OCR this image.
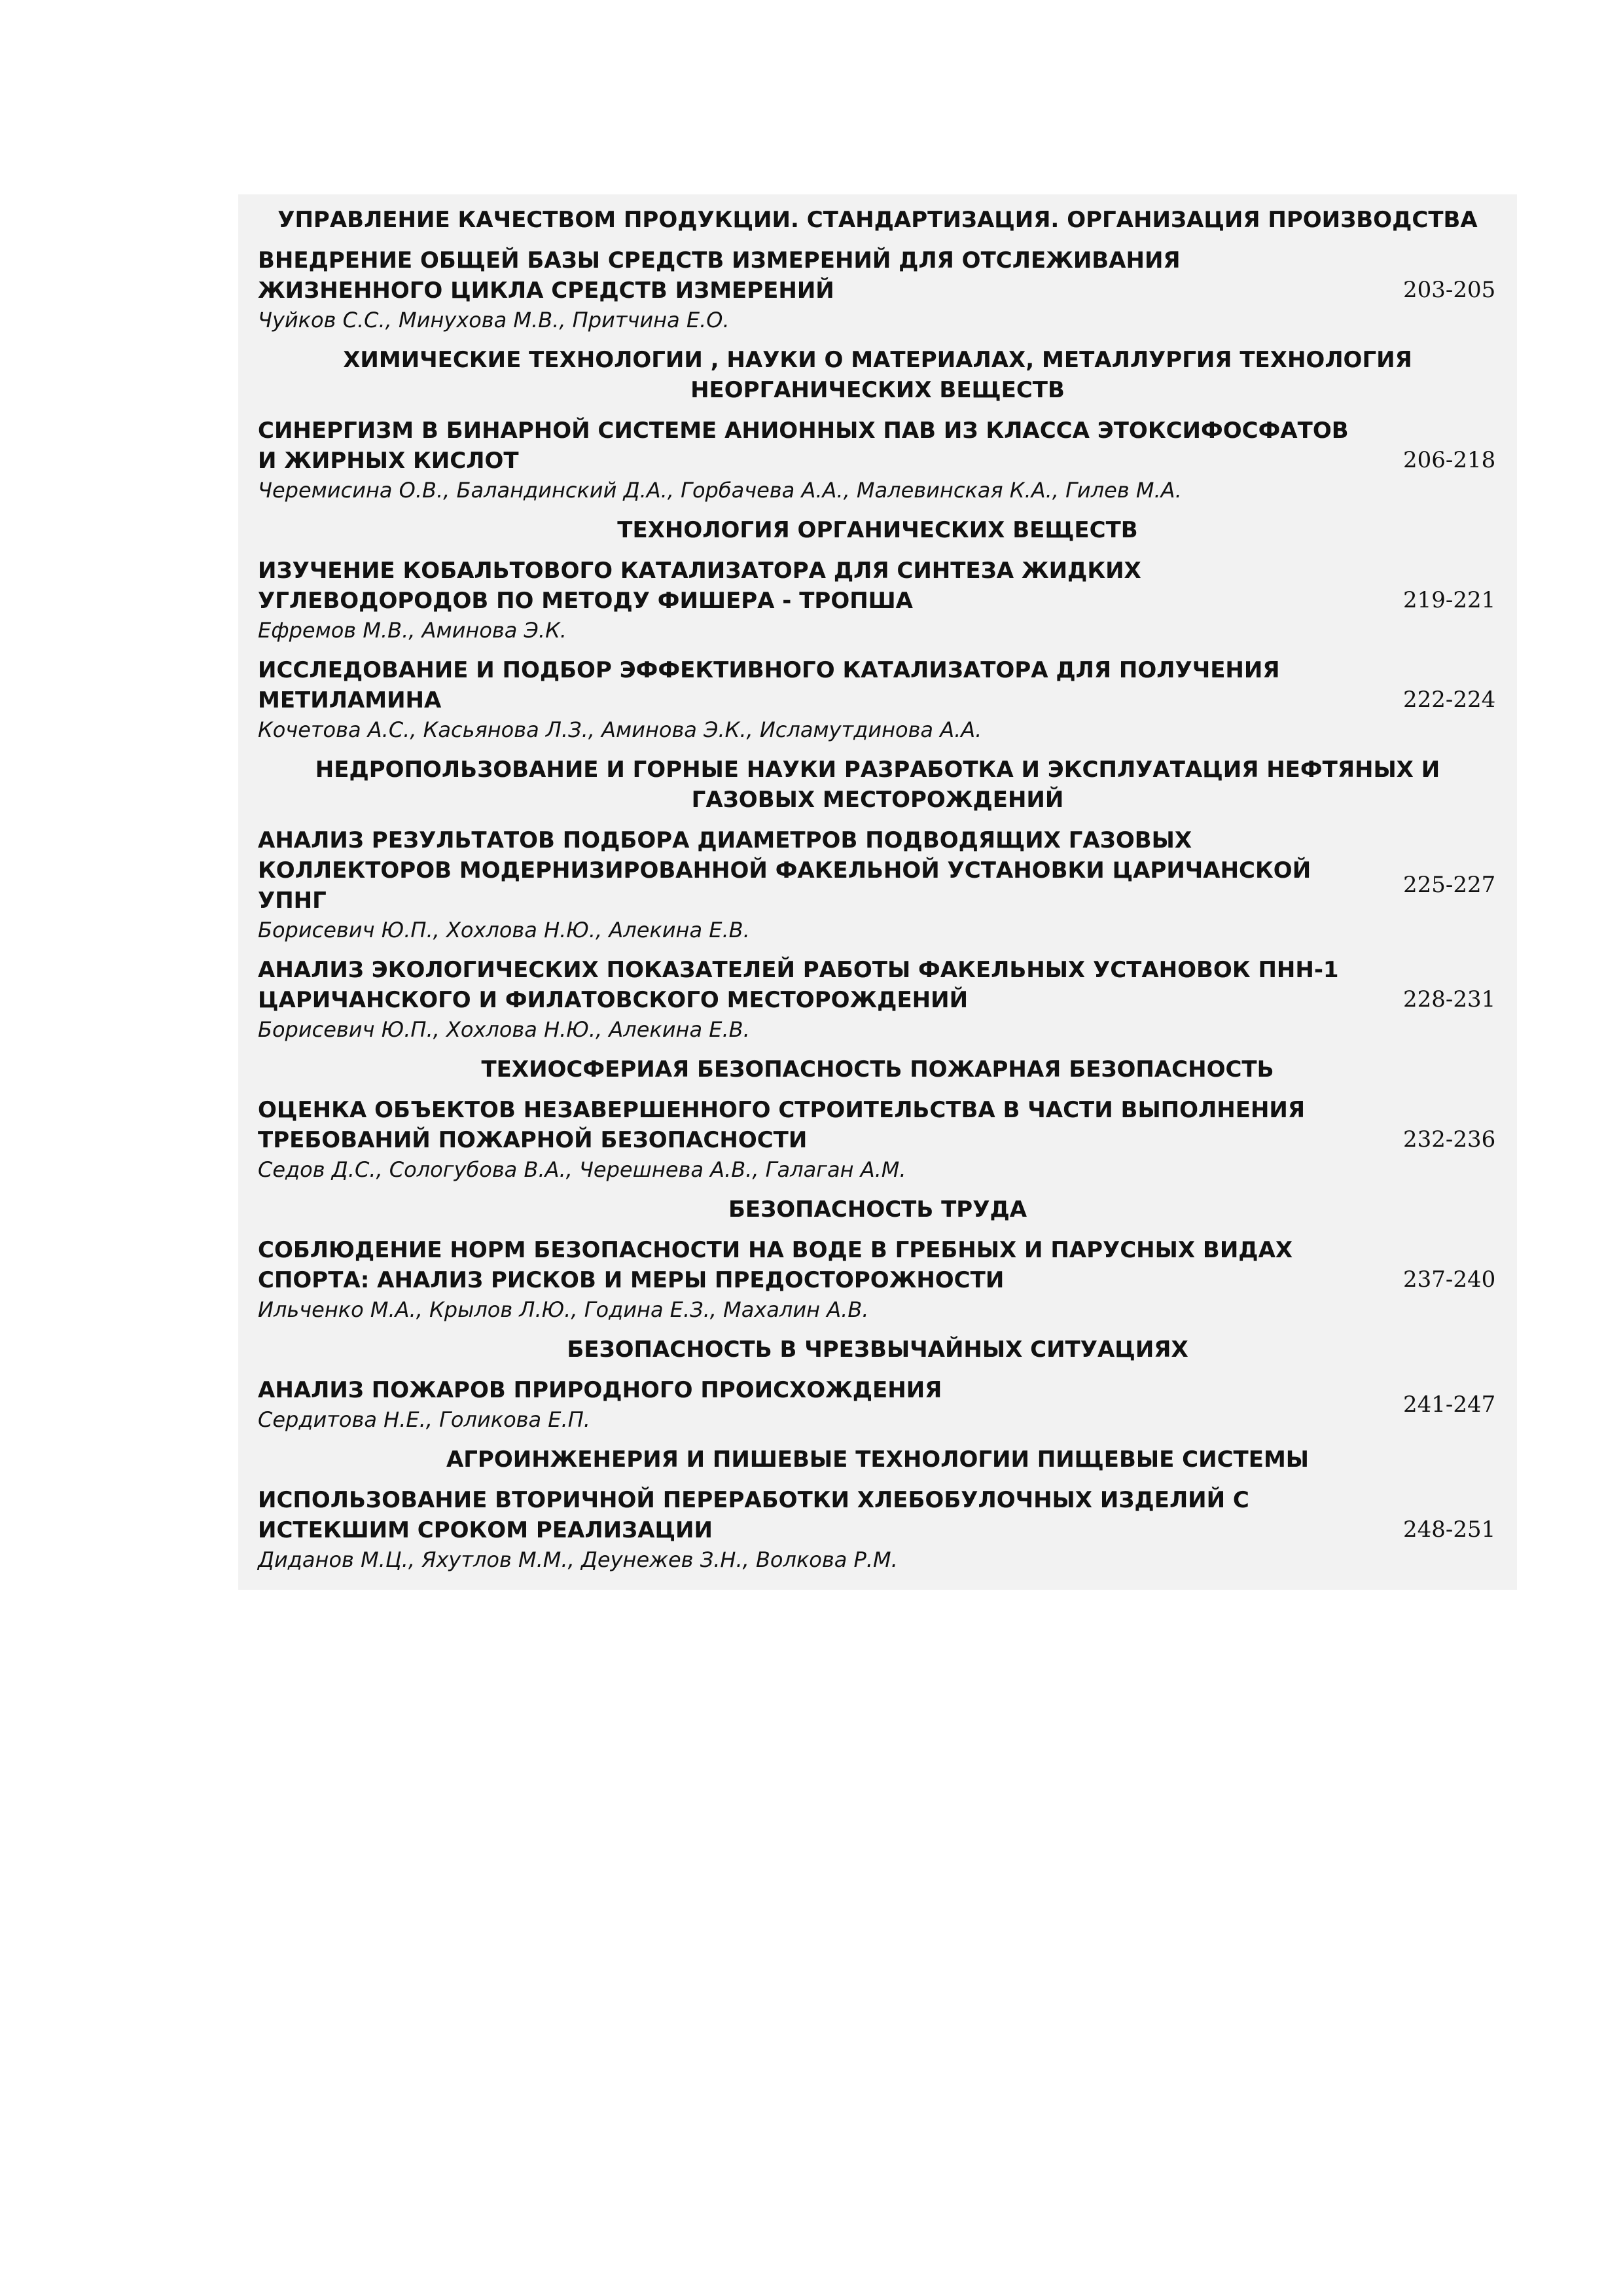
УПРАВЛЕНИЕ КАЧЕСТВОМ ПРОДУКЦИИ. СТАНДАРТИЗАЦИЯ. ОРГАНИЗАЦИЯ ПРОИЗВОДСТВА
ВНЕДРЕНИЕ ОБЩЕЙ БАЗЫ СРЕДСТВ ИЗМЕРЕНИЙ ДЛЯ ОТСЛЕЖИВАНИЯ ЖИЗНЕННОГО ЦИКЛА СРЕДСТВ ИЗМЕРЕНИЙ
Чуйков С.С., Минухова М.В., Притчина Е.О.
203-205
ХИМИЧЕСКИЕ ТЕХНОЛОГИИ , НАУКИ О МАТЕРИАЛАХ, МЕТАЛЛУРГИЯ ТЕХНОЛОГИЯ НЕОРГАНИЧЕСКИХ ВЕЩЕСТВ
СИНЕРГИЗМ В БИНАРНОЙ СИСТЕМЕ АНИОННЫХ ПАВ ИЗ КЛАССА ЭТОКСИФОСФАТОВ И ЖИРНЫХ КИСЛОТ
Черемисина О.В., Баландинский Д.А., Горбачева А.А., Малевинская К.А., Гилев М.А.
206-218
ТЕХНОЛОГИЯ ОРГАНИЧЕСКИХ ВЕЩЕСТВ
ИЗУЧЕНИЕ КОБАЛЬТОВОГО КАТАЛИЗАТОРА ДЛЯ СИНТЕЗА ЖИДКИХ УГЛЕВОДОРОДОВ ПО МЕТОДУ ФИШЕРА - ТРОПША
Ефремов М.В., Аминова Э.К.
219-221
ИССЛЕДОВАНИЕ И ПОДБОР ЭФФЕКТИВНОГО КАТАЛИЗАТОРА ДЛЯ ПОЛУЧЕНИЯ МЕТИЛАМИНА
Кочетова А.С., Касьянова Л.З., Аминова Э.К., Исламутдинова А.А.
222-224
НЕДРОПОЛЬЗОВАНИЕ И ГОРНЫЕ НАУКИ РАЗРАБОТКА И ЭКСПЛУАТАЦИЯ НЕФТЯНЫХ И ГАЗОВЫХ МЕСТОРОЖДЕНИЙ
АНАЛИЗ РЕЗУЛЬТАТОВ ПОДБОРА ДИАМЕТРОВ ПОДВОДЯЩИХ ГАЗОВЫХ КОЛЛЕКТОРОВ МОДЕРНИЗИРОВАННОЙ ФАКЕЛЬНОЙ УСТАНОВКИ ЦАРИЧАНСКОЙ УПНГ
Борисевич Ю.П., Хохлова Н.Ю., Алекина Е.В.
225-227
АНАЛИЗ ЭКОЛОГИЧЕСКИХ ПОКАЗАТЕЛЕЙ РАБОТЫ ФАКЕЛЬНЫХ УСТАНОВОК ПНН-1 ЦАРИЧАНСКОГО И ФИЛАТОВСКОГО МЕСТОРОЖДЕНИЙ
Борисевич Ю.П., Хохлова Н.Ю., Алекина Е.В.
228-231
ТЕХИОСФЕРИАЯ БЕЗОПАСНОСТЬ ПОЖАРНАЯ БЕЗОПАСНОСТЬ
ОЦЕНКА ОБЪЕКТОВ НЕЗАВЕРШЕННОГО СТРОИТЕЛЬСТВА В ЧАСТИ ВЫПОЛНЕНИЯ ТРЕБОВАНИЙ ПОЖАРНОЙ БЕЗОПАСНОСТИ
Седов Д.С., Сологубова В.А., Черешнева А.В., Галаган А.М.
232-236
БЕЗОПАСНОСТЬ ТРУДА
СОБЛЮДЕНИЕ НОРМ БЕЗОПАСНОСТИ НА ВОДЕ В ГРЕБНЫХ И ПАРУСНЫХ ВИДАХ СПОРТА: АНАЛИЗ РИСКОВ И МЕРЫ ПРЕДОСТОРОЖНОСТИ
Ильченко М.А., Крылов Л.Ю., Година Е.З., Махалин А.В.
237-240
БЕЗОПАСНОСТЬ В ЧРЕЗВЫЧАЙНЫХ СИТУАЦИЯХ
АНАЛИЗ ПОЖАРОВ ПРИРОДНОГО ПРОИСХОЖДЕНИЯ
Сердитова Н.Е., Голикова Е.П.
241-247
АГРОИНЖЕНЕРИЯ И ПИШЕВЫЕ ТЕХНОЛОГИИ ПИЩЕВЫЕ СИСТЕМЫ
ИСПОЛЬЗОВАНИЕ ВТОРИЧНОЙ ПЕРЕРАБОТКИ ХЛЕБОБУЛОЧНЫХ ИЗДЕЛИЙ С ИСТЕКШИМ СРОКОМ РЕАЛИЗАЦИИ
Диданов М.Ц., Яхутлов М.М., Деунежев З.Н., Волкова Р.М.
248-251
